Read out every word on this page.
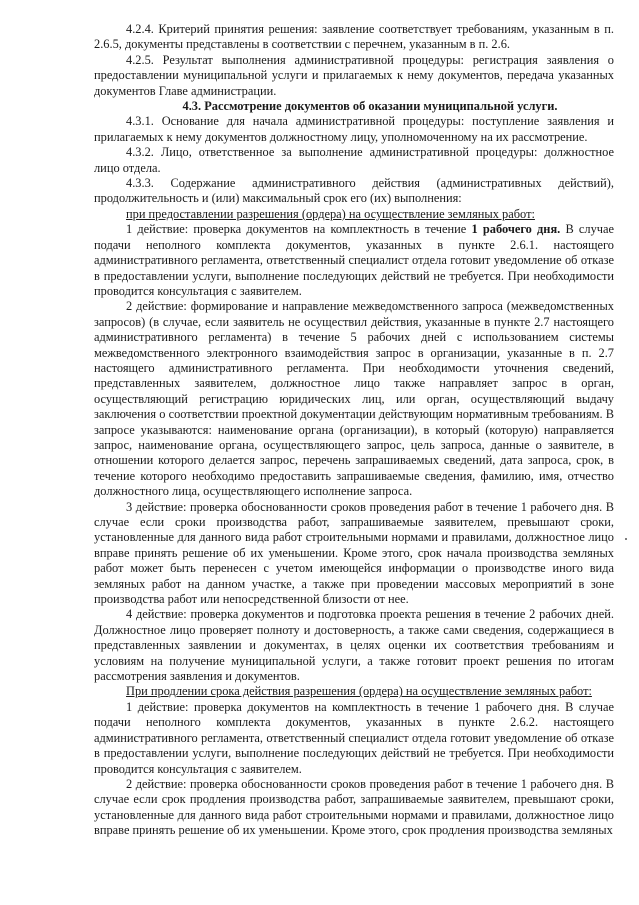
4.2.4. Критерий принятия решения: заявление соответствует требованиям, указанным в п. 2.6.5, документы представлены в соответствии с перечнем, указанным в п. 2.6.

4.2.5. Результат выполнения административной процедуры: регистрация заявления о предоставлении муниципальной услуги и прилагаемых к нему документов, передача указанных документов Главе администрации.

4.3. Рассмотрение документов об оказании муниципальной услуги.

4.3.1. Основание для начала административной процедуры: поступление заявления и прилагаемых к нему документов должностному лицу, уполномоченному на их рассмотрение.

4.3.2. Лицо, ответственное за выполнение административной процедуры: должностное лицо отдела.

4.3.3. Содержание административного действия (административных действий), продолжительность и (или) максимальный срок его (их) выполнения:

при предоставлении разрешения (ордера) на осуществление земляных работ:

1 действие: проверка документов на комплектность в течение 1 рабочего дня. В случае подачи неполного комплекта документов, указанных в пункте 2.6.1. настоящего административного регламента, ответственный специалист отдела готовит уведомление об отказе в предоставлении услуги, выполнение последующих действий не требуется. При необходимости проводится консультация с заявителем.

2 действие: формирование и направление межведомственного запроса (межведомственных запросов) (в случае, если заявитель не осуществил действия, указанные в пункте 2.7 настоящего административного регламента) в течение 5 рабочих дней с использованием системы межведомственного электронного взаимодействия запрос в организации, указанные в п. 2.7 настоящего административного регламента. При необходимости уточнения сведений, представленных заявителем, должностное лицо также направляет запрос в орган, осуществляющий регистрацию юридических лиц, или орган, осуществляющий выдачу заключения о соответствии проектной документации действующим нормативным требованиям. В запросе указываются: наименование органа (организации), в который (которую) направляется запрос, наименование органа, осуществляющего запрос, цель запроса, данные о заявителе, в отношении которого делается запрос, перечень запрашиваемых сведений, дата запроса, срок, в течение которого необходимо предоставить запрашиваемые сведения, фамилию, имя, отчество должностного лица, осуществляющего исполнение запроса.

3 действие: проверка обоснованности сроков проведения работ в течение 1 рабочего дня. В случае если сроки производства работ, запрашиваемые заявителем, превышают сроки, установленные для данного вида работ строительными нормами и правилами, должностное лицо вправе принять решение об их уменьшении. Кроме этого, срок начала производства земляных работ может быть перенесен с учетом имеющейся информации о производстве иного вида земляных работ на данном участке, а также при проведении массовых мероприятий в зоне производства работ или непосредственной близости от нее.

4 действие: проверка документов и подготовка проекта решения в течение 2 рабочих дней. Должностное лицо проверяет полноту и достоверность, а также сами сведения, содержащиеся в представленных заявлении и документах, в целях оценки их соответствия требованиям и условиям на получение муниципальной услуги, а также готовит проект решения по итогам рассмотрения заявления и документов.

При продлении срока действия разрешения (ордера) на осуществление земляных работ:

1 действие: проверка документов на комплектность в течение 1 рабочего дня. В случае подачи неполного комплекта документов, указанных в пункте 2.6.2. настоящего административного регламента, ответственный специалист отдела готовит уведомление об отказе в предоставлении услуги, выполнение последующих действий не требуется. При необходимости проводится консультация с заявителем.

2 действие: проверка обоснованности сроков проведения работ в течение 1 рабочего дня. В случае если срок продления производства работ, запрашиваемые заявителем, превышают сроки, установленные для данного вида работ строительными нормами и правилами, должностное лицо вправе принять решение об их уменьшении. Кроме этого, срок продления производства земляных
